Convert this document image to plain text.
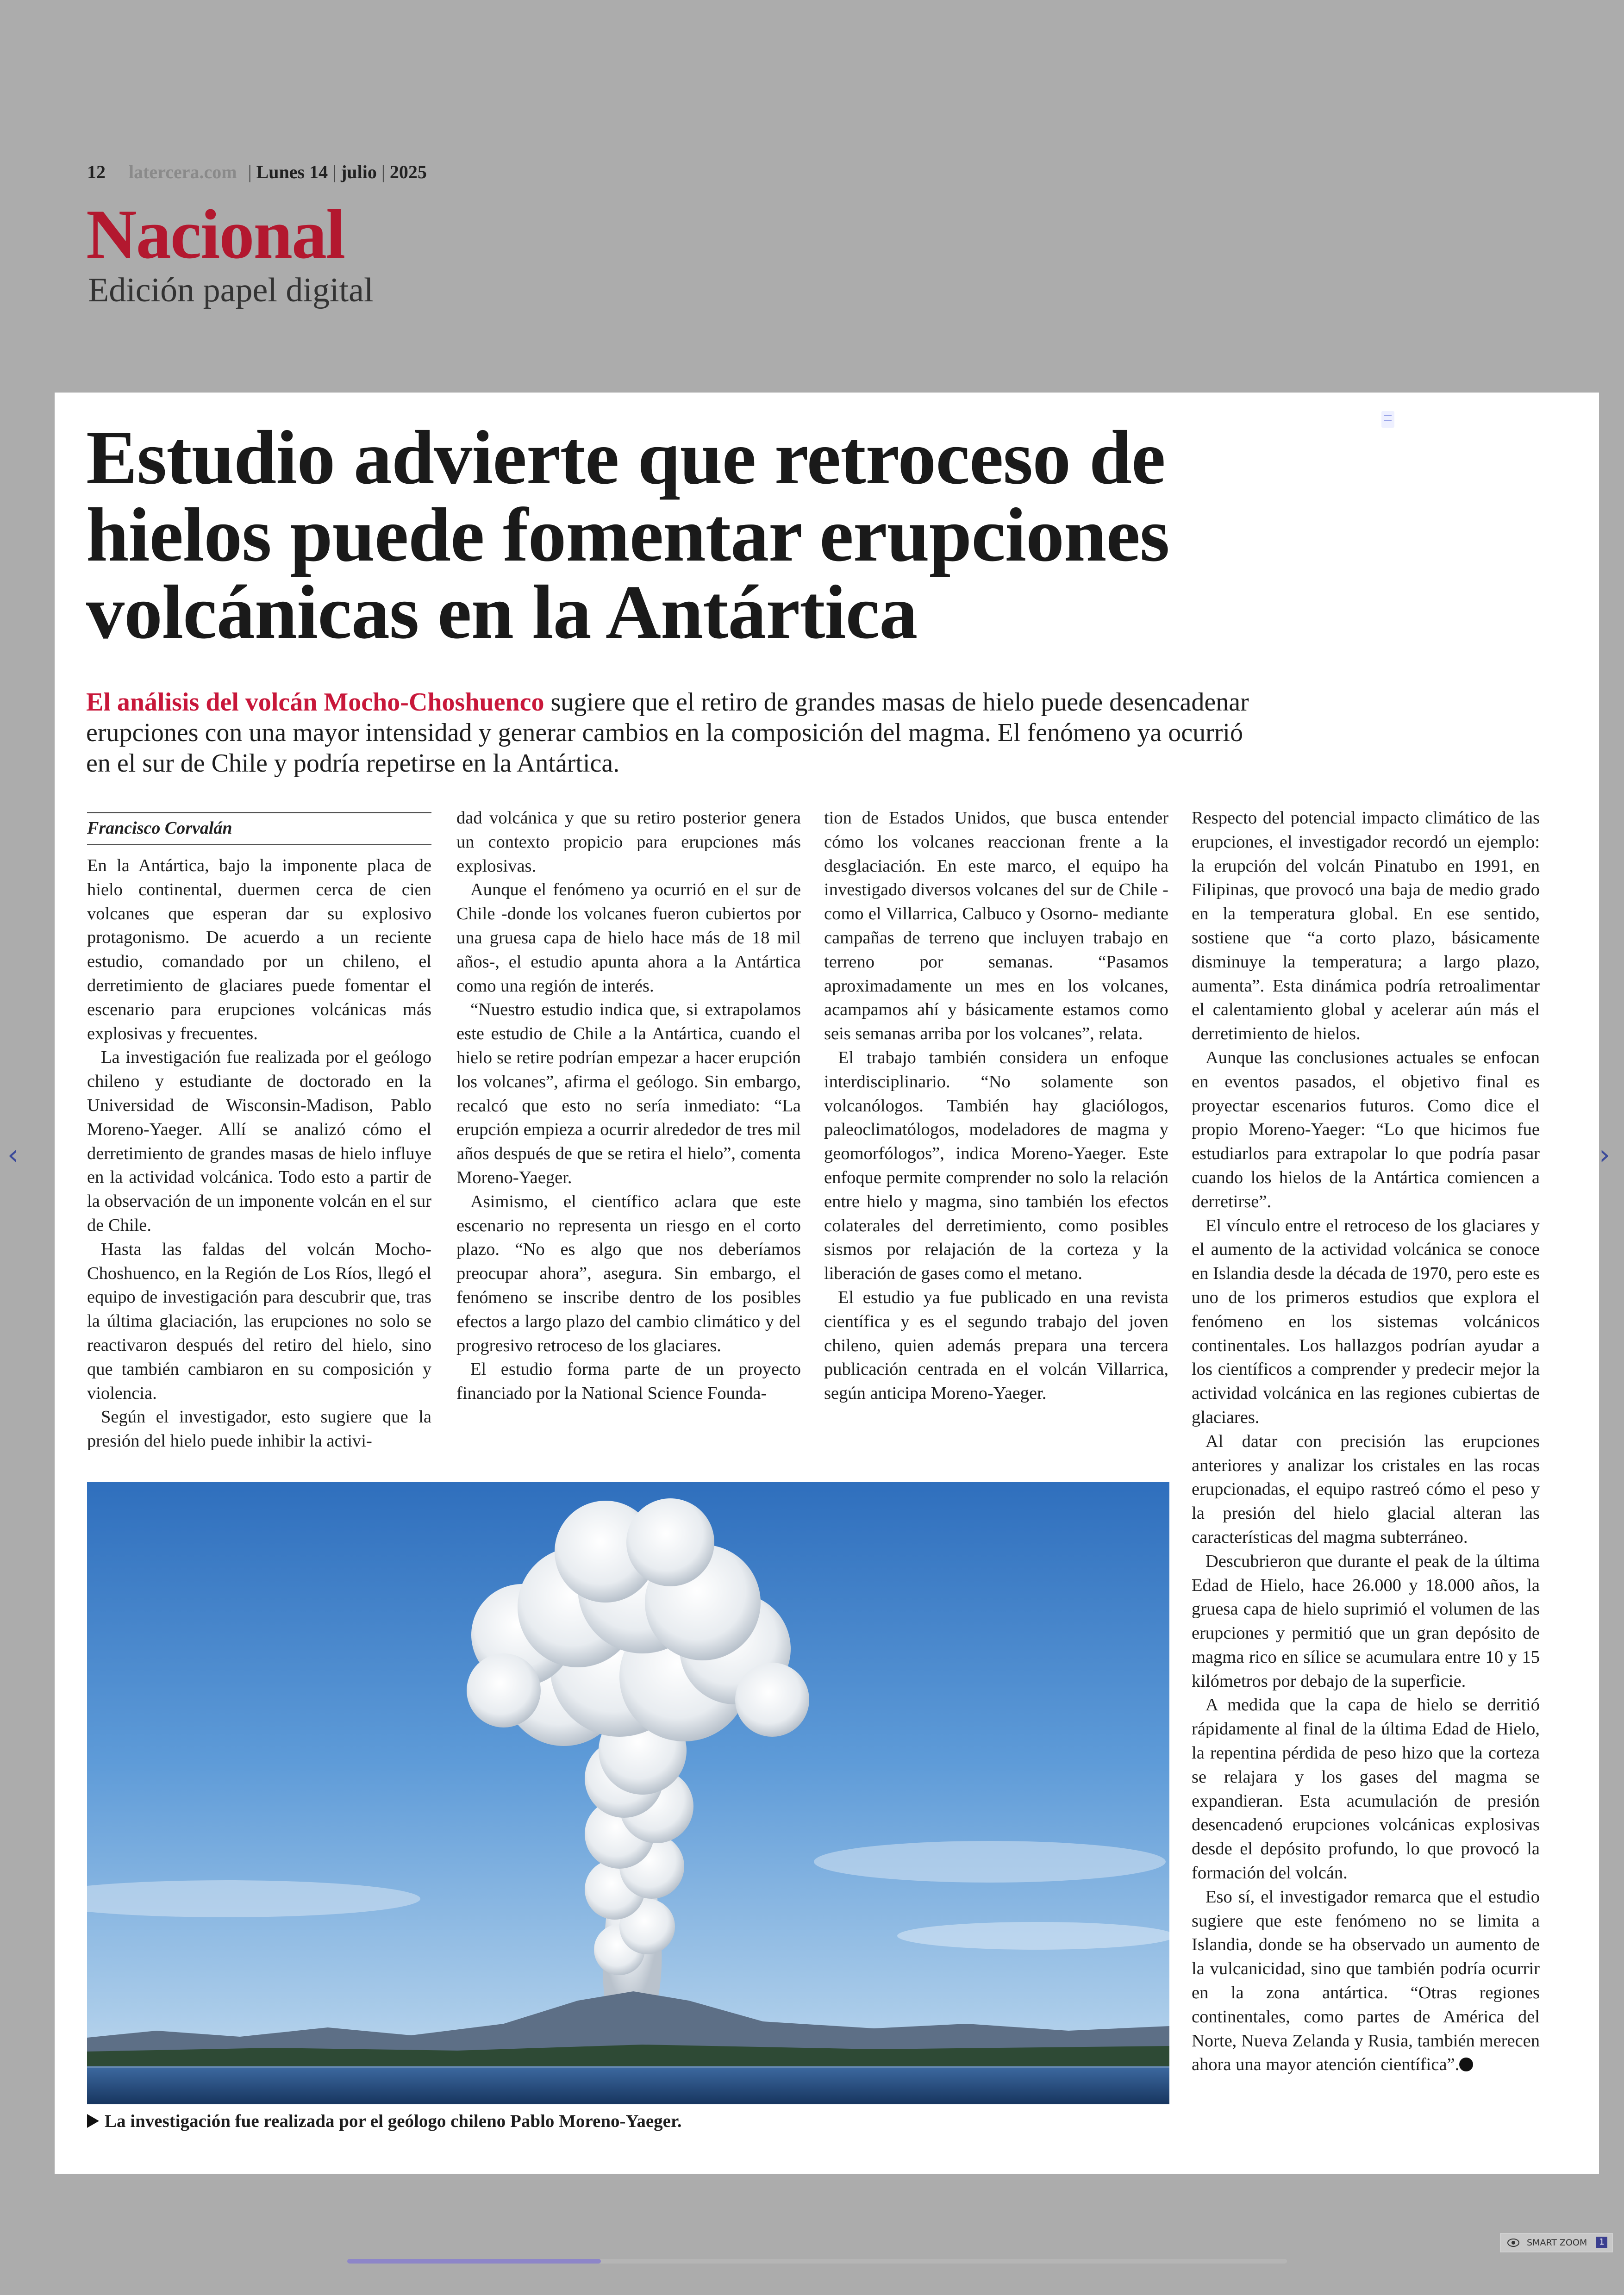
12 latercera.com | Lunes 14 | julio | 2025
Nacional
Edición papel digital
Estudio advierte que retroceso de hielos puede fomentar erupciones volcánicas en la Antártica
El análisis del volcán Mocho-Choshuenco sugiere que el retiro de grandes masas de hielo puede desencadenar erupciones con una mayor intensidad y generar cambios en la composición del magma. El fenómeno ya ocurrió en el sur de Chile y podría repetirse en la Antártica.
Francisco Corvalán

En la Antártica, bajo la imponente placa de hielo continental, duermen cerca de cien volcanes que esperan dar su explosivo protagonismo. De acuerdo a un reciente estudio, comandado por un chileno, el derretimiento de glaciares puede fomentar el escenario para erupciones volcánicas más explosivas y frecuentes.

La investigación fue realizada por el geólogo chileno y estudiante de doctorado en la Universidad de Wisconsin-Madison, Pablo Moreno-Yaeger. Allí se analizó cómo el derretimiento de grandes masas de hielo influye en la actividad volcánica. Todo esto a partir de la observación de un imponente volcán en el sur de Chile.

Hasta las faldas del volcán Mocho-Choshuenco, en la Región de Los Ríos, llegó el equipo de investigación para descubrir que, tras la última glaciación, las erupciones no solo se reactivaron después del retiro del hielo, sino que también cambiaron en su composición y violencia.

Según el investigador, esto sugiere que la presión del hielo puede inhibir la activi-

dad volcánica y que su retiro posterior genera un contexto propicio para erupciones más explosivas.

Aunque el fenómeno ya ocurrió en el sur de Chile -donde los volcanes fueron cubiertos por una gruesa capa de hielo hace más de 18 mil años-, el estudio apunta ahora a la Antártica como una región de interés.

“Nuestro estudio indica que, si extrapolamos este estudio de Chile a la Antártica, cuando el hielo se retire podrían empezar a hacer erupción los volcanes”, afirma el geólogo. Sin embargo, recalcó que esto no sería inmediato: “La erupción empieza a ocurrir alrededor de tres mil años después de que se retira el hielo”, comenta Moreno-Yaeger.

Asimismo, el científico aclara que este escenario no representa un riesgo en el corto plazo. “No es algo que nos deberíamos preocupar ahora”, asegura. Sin embargo, el fenómeno se inscribe dentro de los posibles efectos a largo plazo del cambio climático y del progresivo retroceso de los glaciares.

El estudio forma parte de un proyecto financiado por la National Science Founda-

tion de Estados Unidos, que busca entender cómo los volcanes reaccionan frente a la desglaciación. En este marco, el equipo ha investigado diversos volcanes del sur de Chile -como el Villarrica, Calbuco y Osorno- mediante campañas de terreno que incluyen trabajo en terreno por semanas. “Pasamos aproximadamente un mes en los volcanes, acampamos ahí y básicamente estamos como seis semanas arriba por los volcanes”, relata.

El trabajo también considera un enfoque interdisciplinario. “No solamente son volcanólogos. También hay glaciólogos, paleoclimatólogos, modeladores de magma y geomorfólogos”, indica Moreno-Yaeger. Este enfoque permite comprender no solo la relación entre hielo y magma, sino también los efectos colaterales del derretimiento, como posibles sismos por relajación de la corteza y la liberación de gases como el metano.

El estudio ya fue publicado en una revista científica y es el segundo trabajo del joven chileno, quien además prepara una tercera publicación centrada en el volcán Villarrica, según anticipa Moreno-Yaeger.

Respecto del potencial impacto climático de las erupciones, el investigador recordó un ejemplo: la erupción del volcán Pinatubo en 1991, en Filipinas, que provocó una baja de medio grado en la temperatura global. En ese sentido, sostiene que “a corto plazo, básicamente disminuye la temperatura; a largo plazo, aumenta”. Esta dinámica podría retroalimentar el calentamiento global y acelerar aún más el derretimiento de hielos.

Aunque las conclusiones actuales se enfocan en eventos pasados, el objetivo final es proyectar escenarios futuros. Como dice el propio Moreno-Yaeger: “Lo que hicimos fue estudiarlos para extrapolar lo que podría pasar cuando los hielos de la Antártica comiencen a derretirse”.

El vínculo entre el retroceso de los glaciares y el aumento de la actividad volcánica se conoce en Islandia desde la década de 1970, pero este es uno de los primeros estudios que explora el fenómeno en los sistemas volcánicos continentales. Los hallazgos podrían ayudar a los científicos a comprender y predecir mejor la actividad volcánica en las regiones cubiertas de glaciares.

Al datar con precisión las erupciones anteriores y analizar los cristales en las rocas erupcionadas, el equipo rastreó cómo el peso y la presión del hielo glacial alteran las características del magma subterráneo.

Descubrieron que durante el peak de la última Edad de Hielo, hace 26.000 y 18.000 años, la gruesa capa de hielo suprimió el volumen de las erupciones y permitió que un gran depósito de magma rico en sílice se acumulara entre 10 y 15 kilómetros por debajo de la superficie.

A medida que la capa de hielo se derritió rápidamente al final de la última Edad de Hielo, la repentina pérdida de peso hizo que la corteza se relajara y los gases del magma se expandieran. Esta acumulación de presión desencadenó erupciones volcánicas explosivas desde el depósito profundo, lo que provocó la formación del volcán.

Eso sí, el investigador remarca que el estudio sugiere que este fenómeno no se limita a Islandia, donde se ha observado un aumento de la vulcanicidad, sino que también podría ocurrir en la zona antártica. “Otras regiones continentales, como partes de América del Norte, Nueva Zelanda y Rusia, también merecen ahora una mayor atención científica”.

La investigación fue realizada por el geólogo chileno Pablo Moreno-Yaeger.
‹	›
SMART ZOOM	1
